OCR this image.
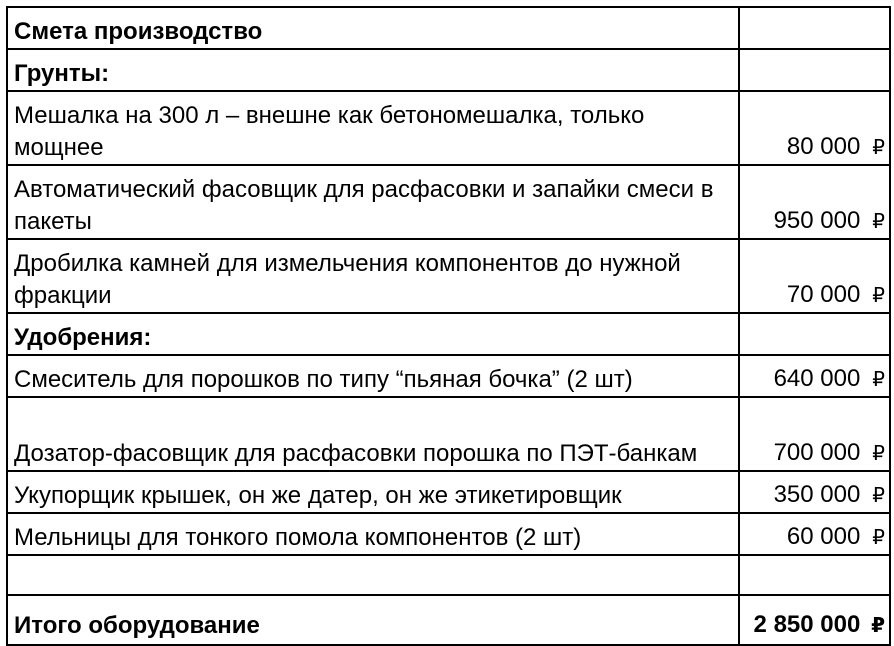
Смета производство	
Грунты:	
Мешалка на 300 л – внешне как бетономешалка, только мощнее	80 000 ₽
Автоматический фасовщик для расфасовки и запайки смеси в пакеты	950 000 ₽
Дробилка камней для измельчения компонентов до нужной фракции	70 000 ₽
Удобрения:	
Смеситель для порошков по типу “пьяная бочка” (2 шт)	640 000 ₽
Дозатор-фасовщик для расфасовки порошка по ПЭТ-банкам	700 000 ₽
Укупорщик крышек, он же датер, он же этикетировщик	350 000 ₽
Мельницы для тонкого помола компонентов (2 шт)	60 000 ₽

Итого оборудование	2 850 000 ₽
